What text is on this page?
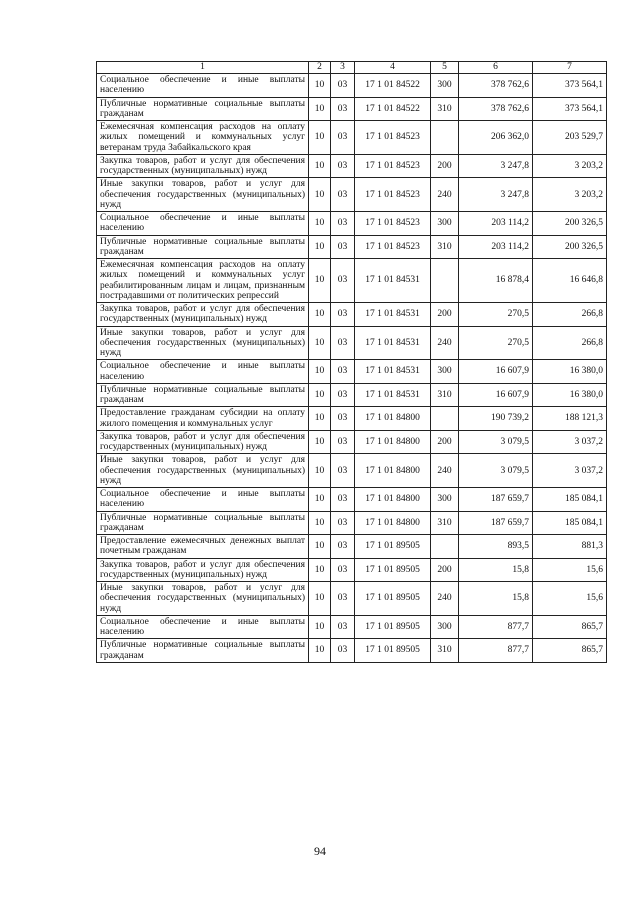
1	2	3	4	5	6	7
Социальное обеспечение и иные выплаты населению	10	03	17 1 01 84522	300	378 762,6	373 564,1
Публичные нормативные социальные выплаты гражданам	10	03	17 1 01 84522	310	378 762,6	373 564,1
Ежемесячная компенсация расходов на оплату жилых помещений и коммунальных услуг ветеранам труда Забайкальского края	10	03	17 1 01 84523		206 362,0	203 529,7
Закупка товаров, работ и услуг для обеспечения государственных (муниципальных) нужд	10	03	17 1 01 84523	200	3 247,8	3 203,2
Иные закупки товаров, работ и услуг для обеспечения государственных (муниципальных) нужд	10	03	17 1 01 84523	240	3 247,8	3 203,2
Социальное обеспечение и иные выплаты населению	10	03	17 1 01 84523	300	203 114,2	200 326,5
Публичные нормативные социальные выплаты гражданам	10	03	17 1 01 84523	310	203 114,2	200 326,5
Ежемесячная компенсация расходов на оплату жилых помещений и коммунальных услуг реабилитированным лицам и лицам, признанным пострадавшими от политических репрессий	10	03	17 1 01 84531		16 878,4	16 646,8
Закупка товаров, работ и услуг для обеспечения государственных (муниципальных) нужд	10	03	17 1 01 84531	200	270,5	266,8
Иные закупки товаров, работ и услуг для обеспечения государственных (муниципальных) нужд	10	03	17 1 01 84531	240	270,5	266,8
Социальное обеспечение и иные выплаты населению	10	03	17 1 01 84531	300	16 607,9	16 380,0
Публичные нормативные социальные выплаты гражданам	10	03	17 1 01 84531	310	16 607,9	16 380,0
Предоставление гражданам субсидии на оплату жилого помещения и коммунальных услуг	10	03	17 1 01 84800		190 739,2	188 121,3
Закупка товаров, работ и услуг для обеспечения государственных (муниципальных) нужд	10	03	17 1 01 84800	200	3 079,5	3 037,2
Иные закупки товаров, работ и услуг для обеспечения государственных (муниципальных) нужд	10	03	17 1 01 84800	240	3 079,5	3 037,2
Социальное обеспечение и иные выплаты населению	10	03	17 1 01 84800	300	187 659,7	185 084,1
Публичные нормативные социальные выплаты гражданам	10	03	17 1 01 84800	310	187 659,7	185 084,1
Предоставление ежемесячных денежных выплат почетным гражданам	10	03	17 1 01 89505		893,5	881,3
Закупка товаров, работ и услуг для обеспечения государственных (муниципальных) нужд	10	03	17 1 01 89505	200	15,8	15,6
Иные закупки товаров, работ и услуг для обеспечения государственных (муниципальных) нужд	10	03	17 1 01 89505	240	15,8	15,6
Социальное обеспечение и иные выплаты населению	10	03	17 1 01 89505	300	877,7	865,7
Публичные нормативные социальные выплаты гражданам	10	03	17 1 01 89505	310	877,7	865,7
94
